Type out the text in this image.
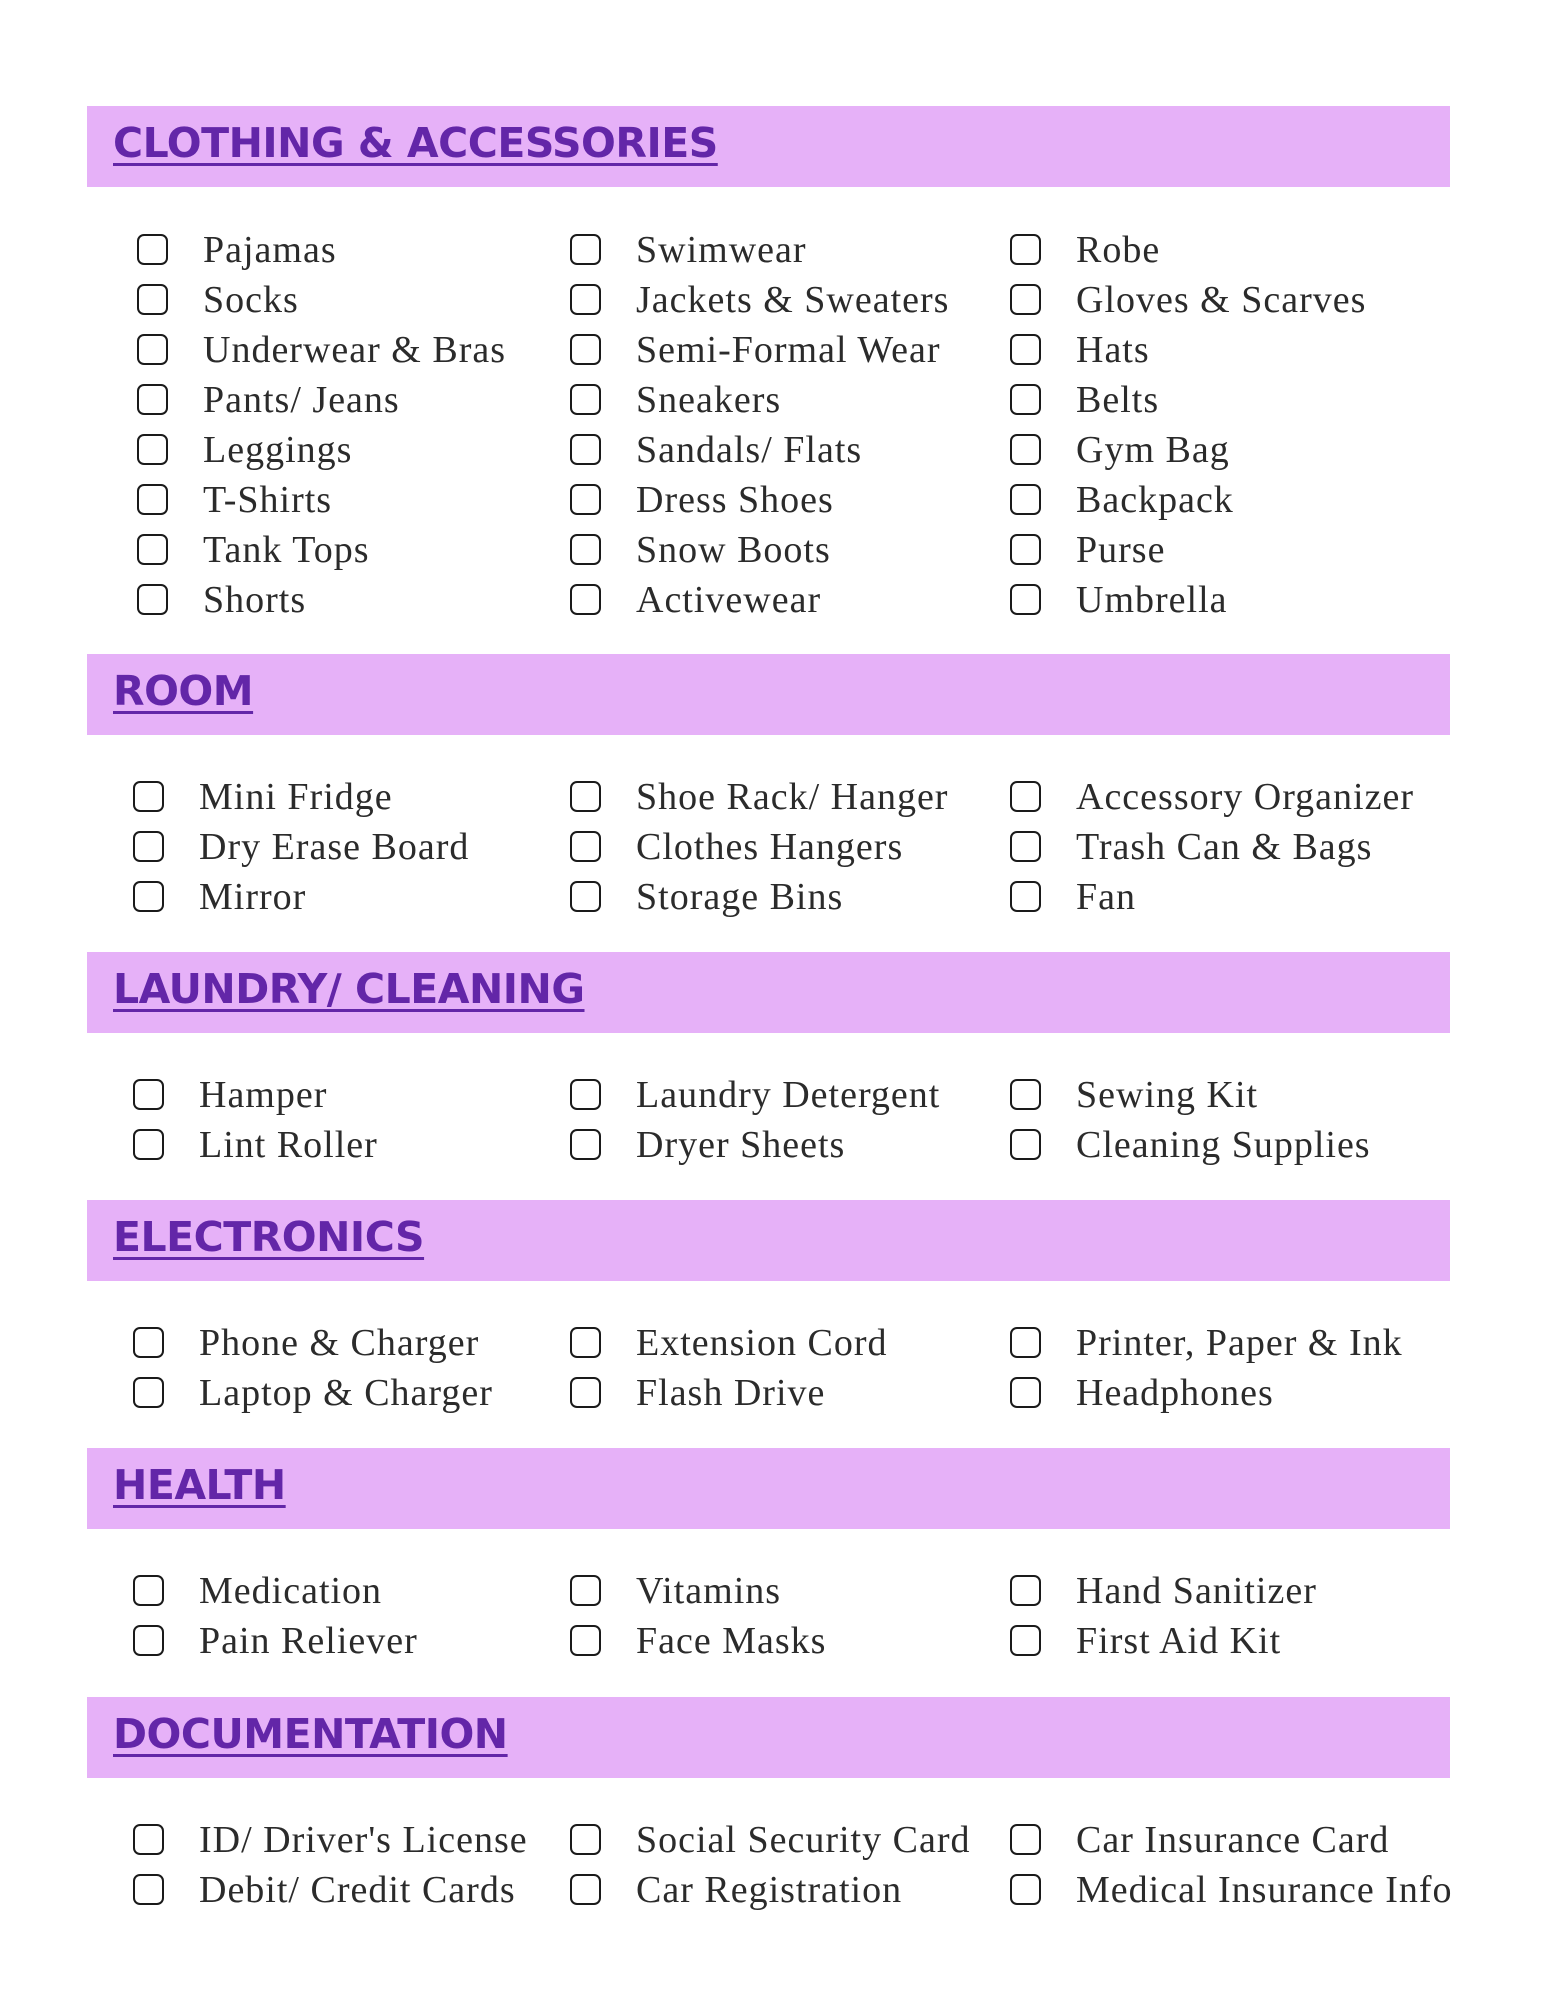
CLOTHING & ACCESSORIES
Pajamas
Socks
Underwear & Bras
Pants/ Jeans
Leggings
T-Shirts
Tank Tops
Shorts
Swimwear
Jackets & Sweaters
Semi-Formal Wear
Sneakers
Sandals/ Flats
Dress Shoes
Snow Boots
Activewear
Robe
Gloves & Scarves
Hats
Belts
Gym Bag
Backpack
Purse
Umbrella
ROOM
Mini Fridge
Dry Erase Board
Mirror
Shoe Rack/ Hanger
Clothes Hangers
Storage Bins
Accessory Organizer
Trash Can & Bags
Fan
LAUNDRY/ CLEANING
Hamper
Lint Roller
Laundry Detergent
Dryer Sheets
Sewing Kit
Cleaning Supplies
ELECTRONICS
Phone & Charger
Laptop & Charger
Extension Cord
Flash Drive
Printer, Paper & Ink
Headphones
HEALTH
Medication
Pain Reliever
Vitamins
Face Masks
Hand Sanitizer
First Aid Kit
DOCUMENTATION
ID/ Driver's License
Debit/ Credit Cards
Social Security Card
Car Registration
Car Insurance Card
Medical Insurance Info
